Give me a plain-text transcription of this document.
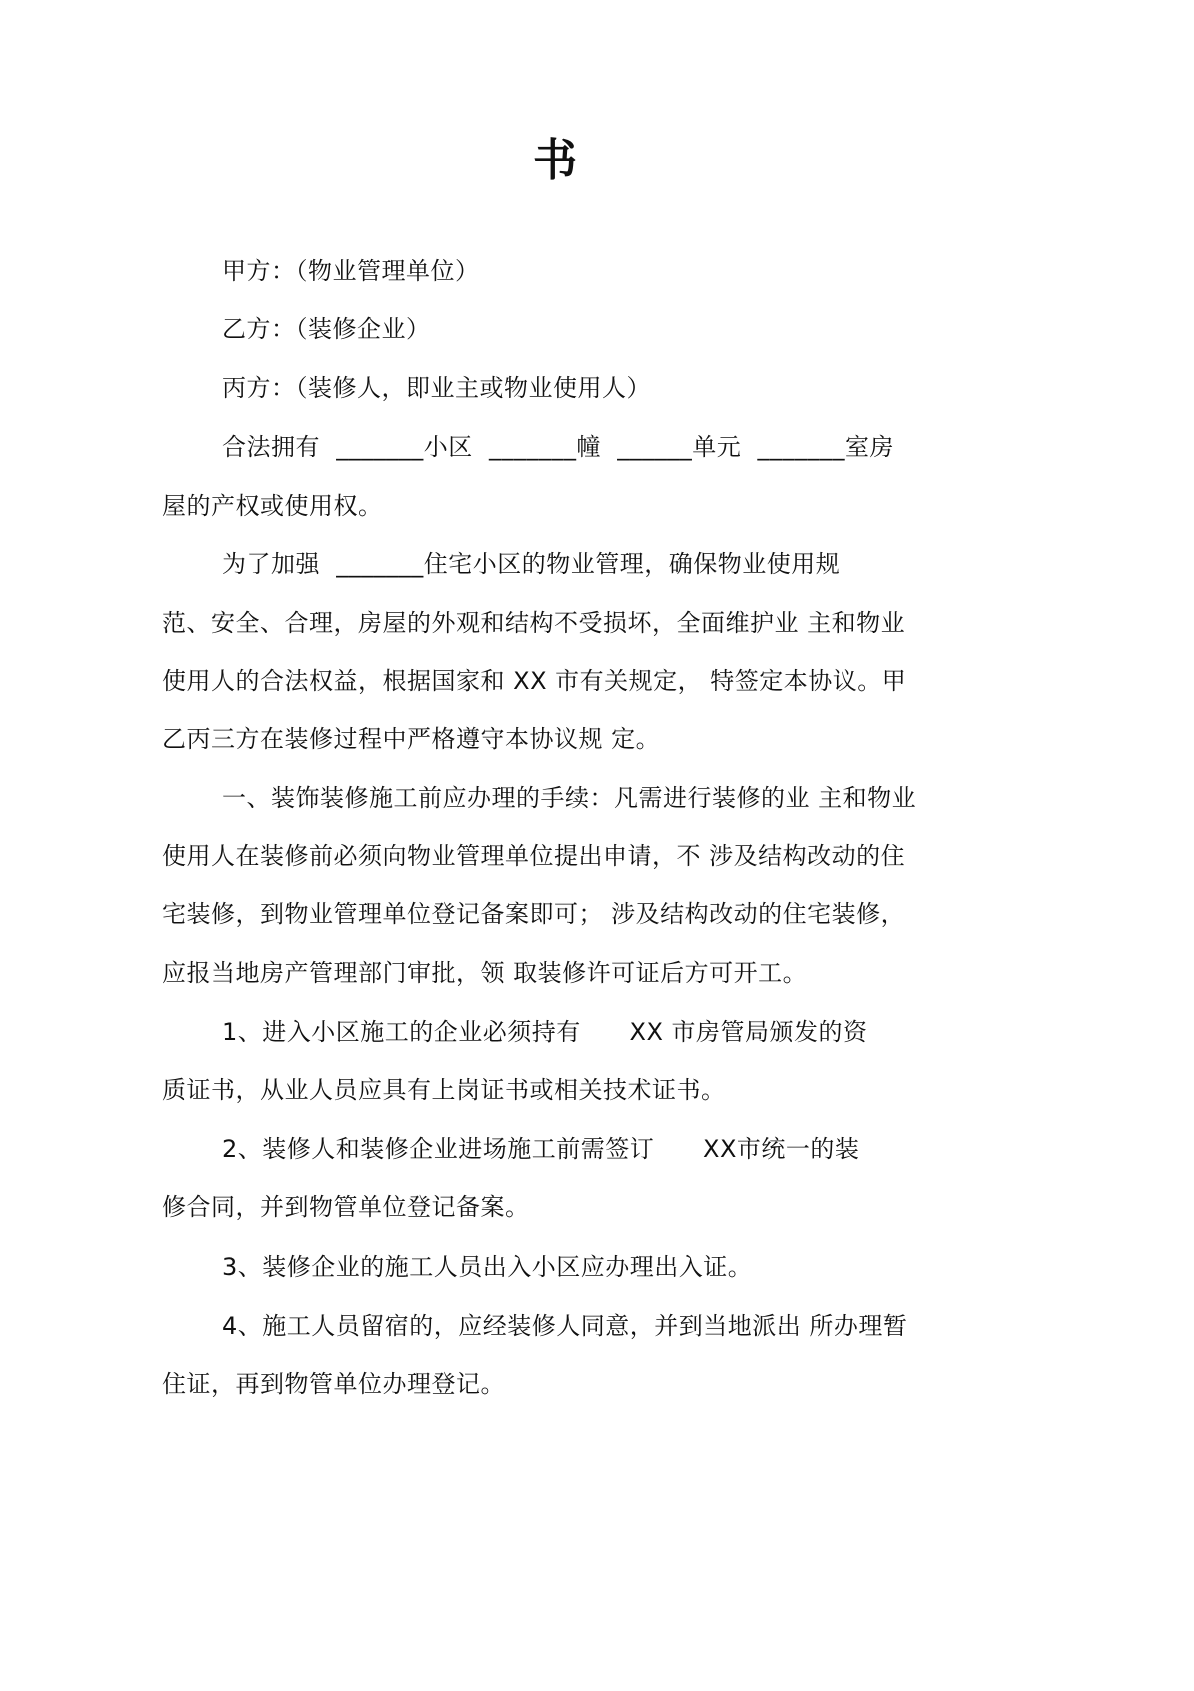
书
甲方：（物业管理单位）
乙方：（装修企业）
丙方：（装修人，即业主或物业使用人）
合法拥有  _______小区  _______幢  ______单元  _______室房
屋的产权或使用权。
为了加强  _______住宅小区的物业管理，确保物业使用规
范、安全、合理，房屋的外观和结构不受损坏，全面维护业 主和物业
使用人的合法权益，根据国家和 XX 市有关规定， 特签定本协议。甲
乙丙三方在装修过程中严格遵守本协议规 定。
一、装饰装修施工前应办理的手续：凡需进行装修的业 主和物业
使用人在装修前必须向物业管理单位提出申请，不 涉及结构改动的住
宅装修，到物业管理单位登记备案即可； 涉及结构改动的住宅装修，
应报当地房产管理部门审批，领 取装修许可证后方可开工。
1、进入小区施工的企业必须持有      XX 市房管局颁发的资
质证书，从业人员应具有上岗证书或相关技术证书。
2、装修人和装修企业进场施工前需签订      XX市统一的装
修合同，并到物管单位登记备案。
3、装修企业的施工人员出入小区应办理出入证。
4、施工人员留宿的，应经装修人同意，并到当地派出 所办理暂
住证，再到物管单位办理登记。
